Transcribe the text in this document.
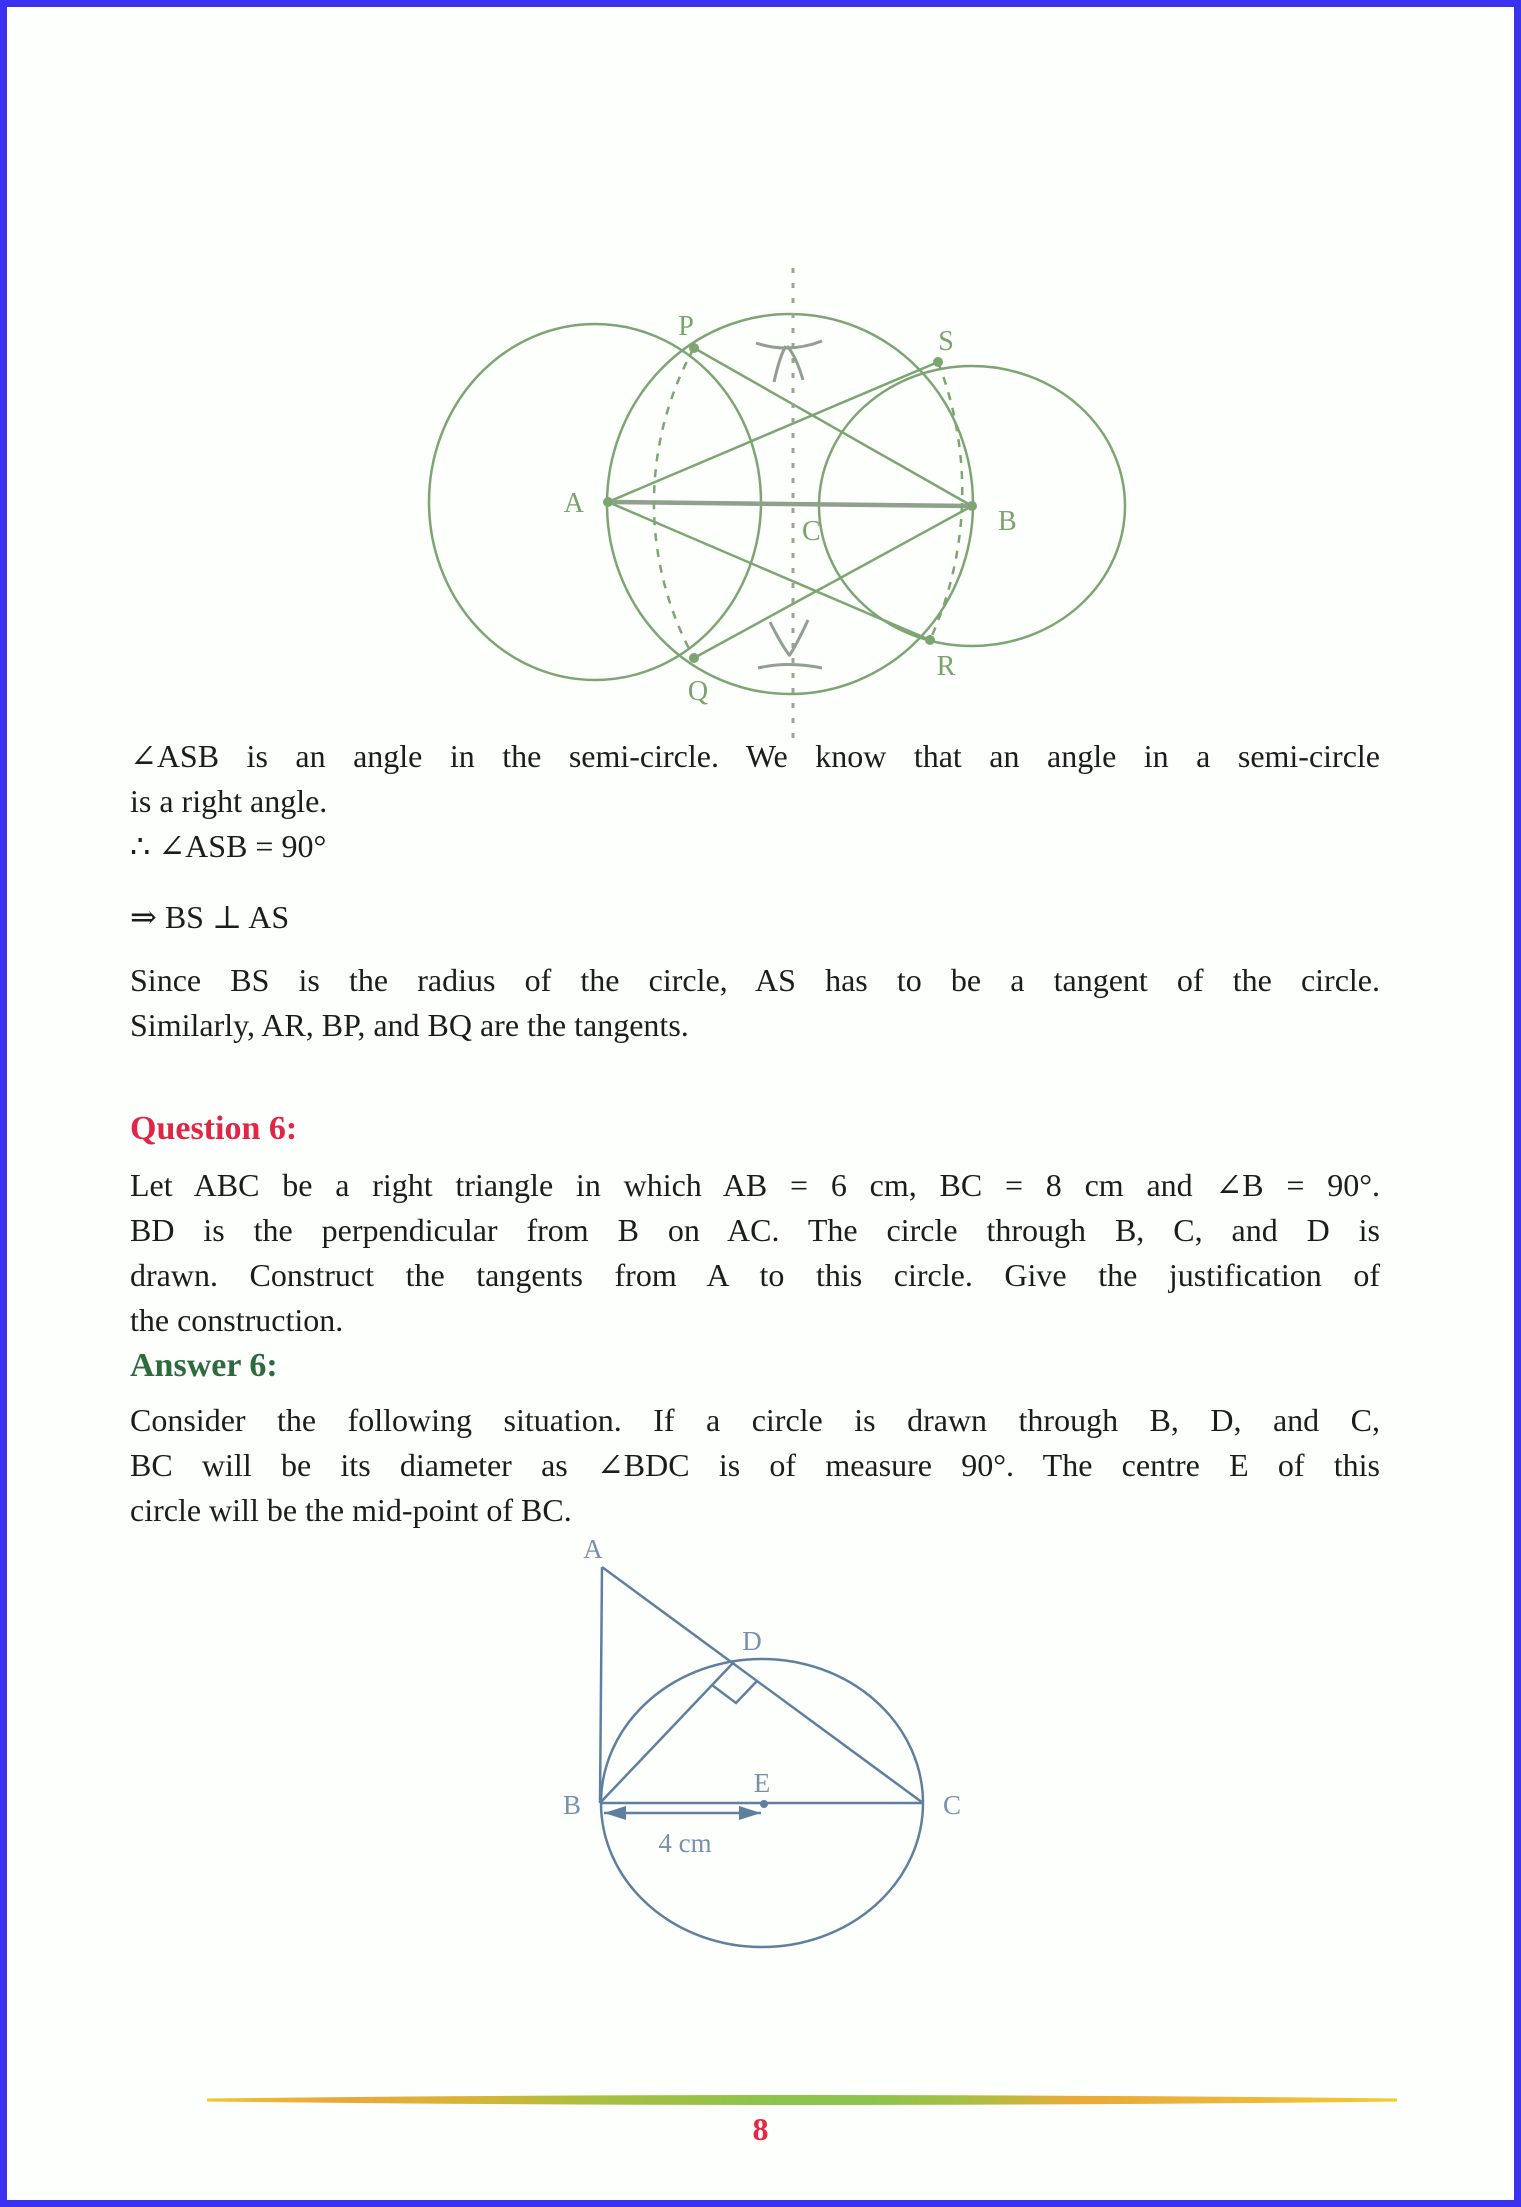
P	S
A
B
C
Q
R
∠ASB is an angle in the semi-circle. We know that an angle in a semi-circle
is a right angle.
∴ ∠ASB = 90°
⇒ BS ⊥ AS
Since BS is the radius of the circle, AS has to be a tangent of the circle.
Similarly, AR, BP, and BQ are the tangents.
Question 6:
Let ABC be a right triangle in which AB = 6 cm, BC = 8 cm and ∠B = 90°.
BD is the perpendicular from B on AC. The circle through B, C, and D is
drawn. Construct the tangents from A to this circle. Give the justification of
the construction.
Answer 6:
Consider the following situation. If a circle is drawn through B, D, and C,
BC will be its diameter as ∠BDC is of measure 90°. The centre E of this
circle will be the mid-point of BC.
A
B	C
D
E
4 cm
8
